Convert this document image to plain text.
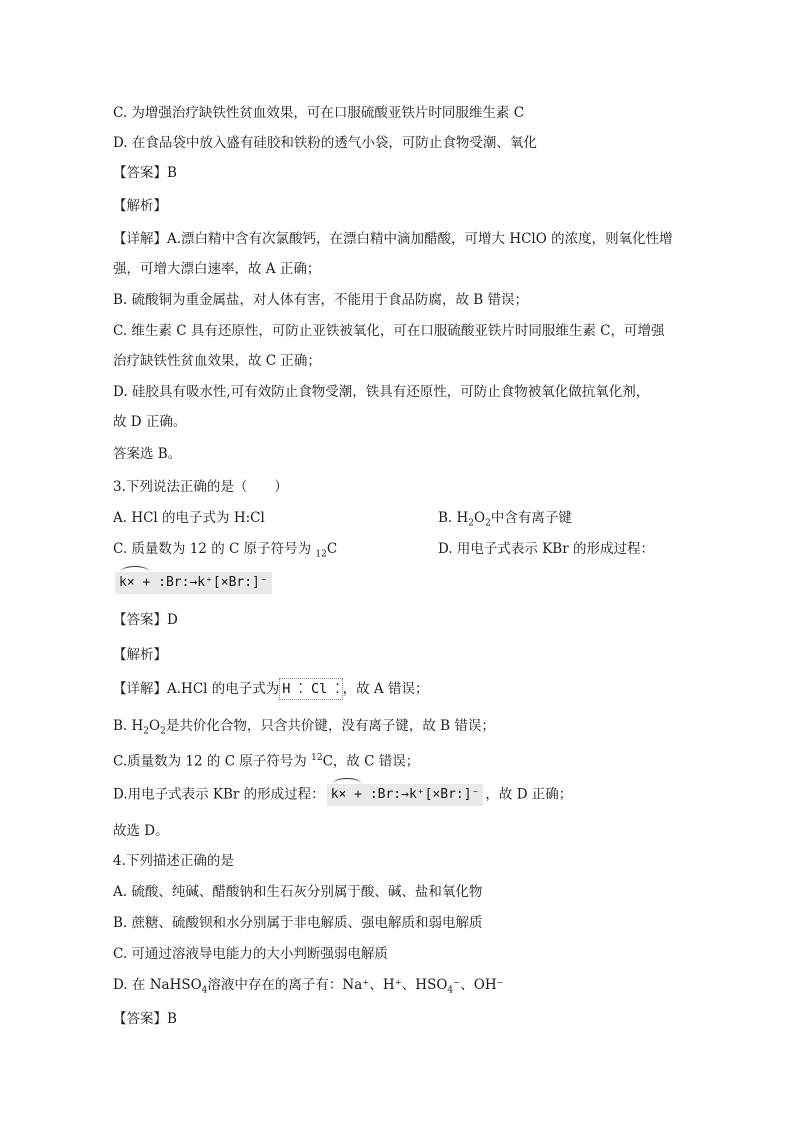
C. 为增强治疗缺铁性贫血效果，可在口服硫酸亚铁片时同服维生素 C
D. 在食品袋中放入盛有硅胶和铁粉的透气小袋，可防止食物受潮、氧化
【答案】B
【解析】
【详解】A.漂白精中含有次氯酸钙，在漂白精中滴加醋酸，可增大 HClO 的浓度，则氧化性增
强，可增大漂白速率，故 A 正确；
B. 硫酸铜为重金属盐，对人体有害，不能用于食品防腐，故 B 错误；
C. 维生素 C 具有还原性，可防止亚铁被氧化，可在口服硫酸亚铁片时同服维生素 C，可增强
治疗缺铁性贫血效果，故 C 正确；
D. 硅胶具有吸水性,可有效防止食物受潮，铁具有还原性，可防止食物被氧化做抗氧化剂，
故 D 正确。
答案选 B。
3.下列说法正确的是（　　）
A. HCl 的电子式为 H:Cl	B. $H_2O_2$中含有离子键
C. 质量数为 12 的 C 原子符号为 $_{12}$C	D. 用电子式表示 KBr 的形成过程：
k× + :Br:→k⁺[×Br:]⁻
【答案】D
【解析】
【详解】A.HCl 的电子式为 H ⁚ Cl ⁚ ，故 A 错误；
B. $H_2O_2$是共价化合物，只含共价键，没有离子键，故 B 错误；
C.质量数为 12 的 C 原子符号为 $^{12}$C，故 C 错误；
D.用电子式表示 KBr 的形成过程： k× + :Br:→k⁺[×Br:]⁻ ，故 D 正确；
故选 D。
4.下列描述正确的是
A. 硫酸、纯碱、醋酸钠和生石灰分别属于酸、碱、盐和氧化物
B. 蔗糖、硫酸钡和水分别属于非电解质、强电解质和弱电解质
C. 可通过溶液导电能力的大小判断强弱电解质
D. 在 NaHSO$_4$溶液中存在的离子有：Na⁺、H⁺、$HSO_4^-$、OH⁻
【答案】B
